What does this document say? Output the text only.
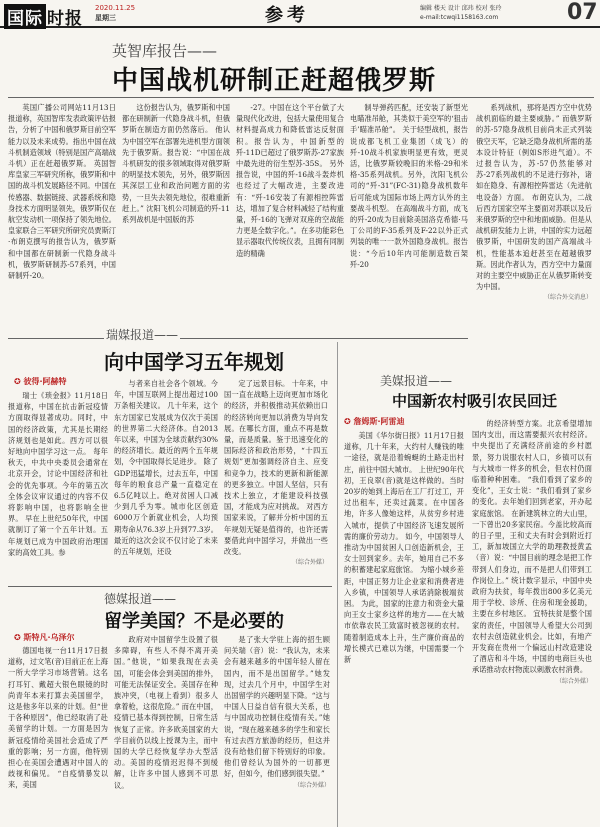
国际 时报
2020.11.25
星期三	参考	编辑 楼天 设计 邱玮 校对 张玲
e-mail:tcwqi1158163.com	07
英智库报告——
中国战机研制正赶超俄罗斯

英国广播公司网站11月13日报道称，英国智库发表政策评估报告，分析了中国和俄罗斯目前空军能力以及未来成势。指出中国在战斗机制造领域（特别是国产高端战斗机）正在赶超俄罗斯。 英国智库皇家三军研究所称，俄罗斯和中国的战斗机发展路径不同。中国在传感器、数据链接、武器系统和隐身技术方面明显领先，俄罗斯仅在航空发动机一项保持了领先地位。 皇家联合三军研究所研究员贾斯汀·布朗克撰写的报告认为，俄罗斯和中国都在研制新一代隐身战斗机，俄罗斯研制苏-57系列，中国研制歼-20。

这份报告认为，俄罗斯和中国都在研制新一代隐身战斗机，但俄罗斯在制造方面仍然落后。 他认为中国空军在部署先进机型方面领先于俄罗斯。报告说：“中国在战斗机研发的很多领域取得对俄罗斯的明显技术领先，另外，俄罗斯因其深层工业和政治问题方面的劣势，一旦失去领先地位，很难重新赶上。” 沈阳飞机公司制造的歼-11系列战机是中国版的苏

-27。中国在这个平台做了大量现代化改进，包括大量使用复合材料提高成力和降低雷达反射面积。报告认为，中国新型的歼-11D已超过了俄罗斯苏-27家族中最先进的衍生型苏-35S。 另外报告说，中国的歼-16战斗轰炸机也经过了大幅改进，主要改进有：“歼-16安装了有源相控阵雷达，增加了复合材料减轻了结构重量，歼-16的飞弹对双座的空战能力更是全数字化。”。在多功能彩色显示器取代传统仪表，且拥有同制造的精确

制导弹药匹配，还安装了新型光电瞄准吊舱，其类似于美空军的‘狙击手’瞄准吊舱”。 关于轻型战机，报告说成都飞机工业集团（成飞）的歼-10战斗机家族明显更有效，更灵活，比俄罗斯较晚旧的米格-29和米格-35系列战机。另外，沈阳飞机公司的“歼-31”(FC-31)隐身战机数年后可能成为国际市场上两方认外的主要战斗机型。 在高端战斗方面，成飞的歼-20成为目前除美国洛克希德·马丁公司的F-35系列及F-22以外正式列装的唯一一款外国隐身战机。报告说：“今后10年内可能制造数百架歼-20

系列战机，那将是西方空中优势战机面临的最主要威胁。” 而俄罗斯的苏-57隐身战机目前尚未正式列装俄空天军，它缺乏隐身战机所需的基本设计特征（例如S形进气道）。不过报告认为，苏-57仍然能够对苏-27系列战机的不足进行弥补，诸如在隐身、有源相控阵雷达（先进航电设备）方面。 布朗克认为，二战后西方国家空军主要面对苏联以及后来俄罗斯的空中和地面威胁。但是从战机研发能力上讲，中国的实力远超俄罗斯，中国研发的国产高端战斗机，性能基本追赶甚至在超越俄罗斯。因此作者认为，西方空中力量面对的主要空中威胁正在从俄罗斯转变为中国。

（综合外交消息）
瑞媒报道——
向中国学习五年规划
✪ 彼得·阿赫特

瑞士《琐金报》11月18日报道称，中国在抗击新冠疫情方面取得显著成功。同时，中国的经济政策，尤其是长期经济规划也是如此。西方可以很好地向中国学习这一点。 每年秋天，中共中央委员会通常在北京开会，讨论中国经济和社会的优先事项。今年的第五次全体会议审议通过的内容不仅将影响中国，也将影响全世界。 早在上世纪50年代，中国就制订了第一个五年计划。五年规划已成为中国政府治理国家的高效工具。参

与者来自社会各个领域。今年，中国互联网上提出超过100万条相关建议。 几十年来，这个东方国家已发展成为仅次于美国的世界第二大经济体。自2013年以来，中国为全球贡献约30%的经济增长。最近的两个五年规划，令中国取得长足进步。 除了GDP迅猛增长，过去五年，中国每年的粮食总产量一直稳定在6.5亿吨以上。绝对贫困人口减少到几乎为零。城市化区创造6000万个新就业机会，人均预期寿命从76.3岁上升到77.3岁。最近的这次会议不仅讨论了未来的五年规划，还设

定了远景目标。 十年来，中国一直在战略上迈向更加市场化的经济，并积极推动其依赖出口的经济转向更加以消费为导向发展。在哪长方面，重点不再是数量，而是质量。鉴于迅速变化的国际经济和政治形势，“十四五规划”更加强调经济自主、应变和竞争力，技术的更新和新能源的更多独立。中国人坚信，只有技术上独立，才能建设科技强国，才能成为应对挑战。 对西方国家来说，了解并分析中国的五年规划无疑是值得的，也许还需要借此向中国学习，并做出一些改变。

（综合外媒）
美媒报道——
中国新农村吸引农民回迁
✪ 詹姆斯·阿雷迪

美国《华尔街日报》11月17日报道称，几十年来，大约村人赚钱的唯一途径，就是沿着蜿蜒的土路走出村庄，前往中国大城市。 上世纪90年代初，王良翠(音)就是这样做的。当时20岁的她到上海后在工厂打过工，开过出租车，还卖过蔬菜。在中国各地，许多人像她这样，从贫穷乡村进入城市，提供了中国经济飞速发展所需的廉价劳动力。 如今，中国领导人推动为中国贫困人口创造新机会，王女士回到家乡。去年，她用自己不多的积蓄建起家庭旅馆。 为缩小城乡差距，中国正努力让企业家和消费者进入乡镇，中国领导人承诺消除极端贫困。 为此，国家的注意力和资金大量向王女士家乡这样的地方——在大城市依靠农民工致富时被忽视的农村。 随着制造成本上升，生产廉价商品的增长模式已难以为继，中国需要一个新

的经济转型方案。北京希望增加国内支出，而这需要振兴农村经济。中央提出了充满经济前途的乡村愿景，努力说服农村人口，乡镇可以有与大城市一样多的机会，但农村仍面临着种种困难。 “我们看到了家乡的变化”，王女士说：“我们看到了家乡的变化。去年她们回到老家，开办起家庭旅馆。 在新建筑林立的大山里，一下曾出20多家民宿。今盖比较高而的日子里，王和丈夫有时会到附近打工，新加坡国立大学的助理教授黄孟（音）说：“中国目前的理念是把工作带到人们身边，而不是把人们带到工作岗位上。” 统计数字显示，中国中央政府为扶贫，每年拨出800多亿美元用于学校、诊所、住房和现金援助，主要在乡村地区。 宜特扶贫是整个国家的责任，中国领导人希望大公司到农村去创造就业机会。比如，有地产开发商在贵州一个偏远山村改造建设了酒店和斗牛场，中国的电商巨头也承诺推动农村物流以刺激农村消费。

（综合外媒）
德媒报道——
留学美国？不是必要的
✪ 斯特凡·乌泽尔

德国电视一台11月17日报道称，过文笔(音)目前正在上海一所大学学习市场营销。这名打耳钉、戴超大银色眼镜的时尚青年本来打算去美国留学，这是他多年以来的计划。但“世于各种原因”，他已经取消了赴美留学的计划。一方面是因为新冠疫情给美国社会造成了严重的影响；另一方面，他特别担心在美国会遭遇对中国人的歧视和偏见。 “自疫情暴发以来，美国

政府对中国留学生设置了很多障碍，有些人不得不离开美国。”他说，“如果我现在去美国，可能会体会到美国的排外，可能无法保证安全。美国存在种族冲突，（电视上看到）很多人拿着枪，这很危险。” 而在中国，疫情已基本得到控制，日常生活恢复了正常。许多欧美国家的大学目前仍以线上授课为主，而中国的大学已经恢复学办大型活动。美国的疫情迟迟得不到缓解，让许多中国人感到不可思议。

是了张大学驻上海的招生顾问关瑞（音）说：“我认为，未来会有越来越多的中国年轻人留在国内，而不是出国留学。”她发现，过去几个月中，中国学生对出国留学的兴趣明显下降。“这与中国人日益自信有很大关系，也与中国成功控制住疫情有关。”她说，“现在越来越多的学生和家长有过去西方旅游的经历，但这并没有给他们留下特别好的印象。他们曾经认为国外的一切都更好，但如今，他们感到很失望。”

（综合外媒）
